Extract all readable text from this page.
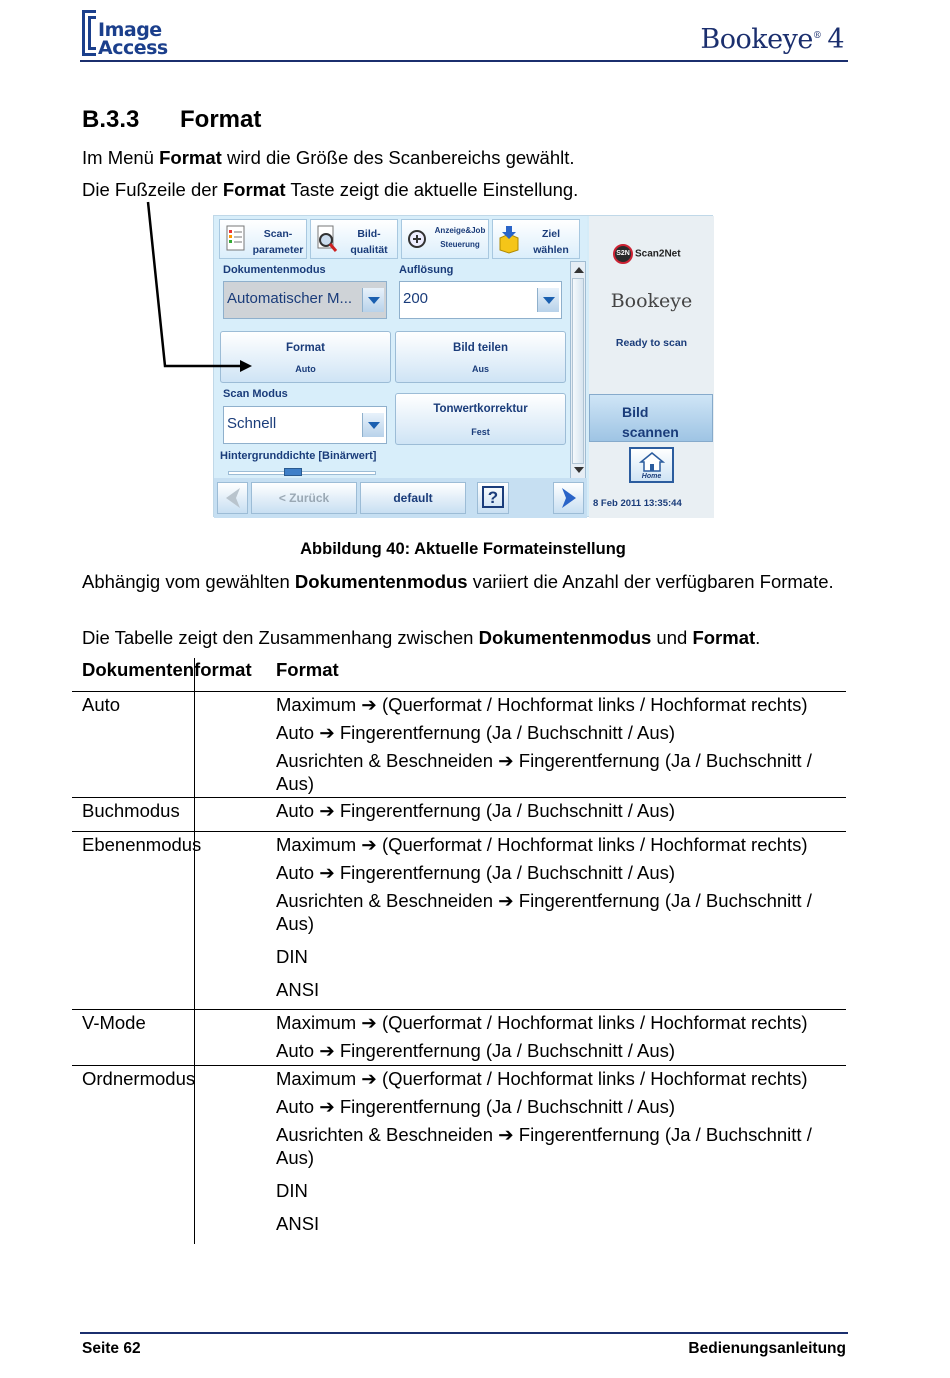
Image
Access	Bookeye® 4
B.3.3 Format
Im Menü Format wird die Größe des Scanbereichs gewählt.
Die Fußzeile der Format Taste zeigt die aktuelle Einstellung.
Scan-
parameter
Bild-
qualität
Anzeige&Job
Steuerung
Ziel
wählen
Dokumentenmodus	Auflösung
Automatischer M...	200
Format
Auto
Bild teilen
Aus
Scan Modus
Schnell
Tonwertkorrektur
Fest
Hintergrunddichte [Binärwert]
< Zurück	default	?
S2N Scan2Net
Bookeye
Ready to scan
Bild
scannen
Home
8 Feb 2011 13:35:44
Abbildung 40: Aktuelle Formateinstellung
Abhängig vom gewählten Dokumentenmodus variiert die Anzahl der verfügbaren Formate.
Die Tabelle zeigt den Zusammenhang zwischen Dokumentenmodus und Format.
Dokumentenformat Format
Auto	Maximum ➔ (Querformat / Hochformat links / Hochformat rechts)
Auto ➔ Fingerentfernung (Ja / Buchschnitt / Aus)
Ausrichten & Beschneiden ➔ Fingerentfernung (Ja / Buchschnitt / Aus)
Buchmodus	Auto ➔ Fingerentfernung (Ja / Buchschnitt / Aus)
Ebenenmodus	Maximum ➔ (Querformat / Hochformat links / Hochformat rechts)
Auto ➔ Fingerentfernung (Ja / Buchschnitt / Aus)
Ausrichten & Beschneiden ➔ Fingerentfernung (Ja / Buchschnitt / Aus)
DIN
ANSI
V-Mode	Maximum ➔ (Querformat / Hochformat links / Hochformat rechts)
Auto ➔ Fingerentfernung (Ja / Buchschnitt / Aus)
Ordnermodus	Maximum ➔ (Querformat / Hochformat links / Hochformat rechts)
Auto ➔ Fingerentfernung (Ja / Buchschnitt / Aus)
Ausrichten & Beschneiden ➔ Fingerentfernung (Ja / Buchschnitt / Aus)
DIN
ANSI
Seite 62	Bedienungsanleitung
